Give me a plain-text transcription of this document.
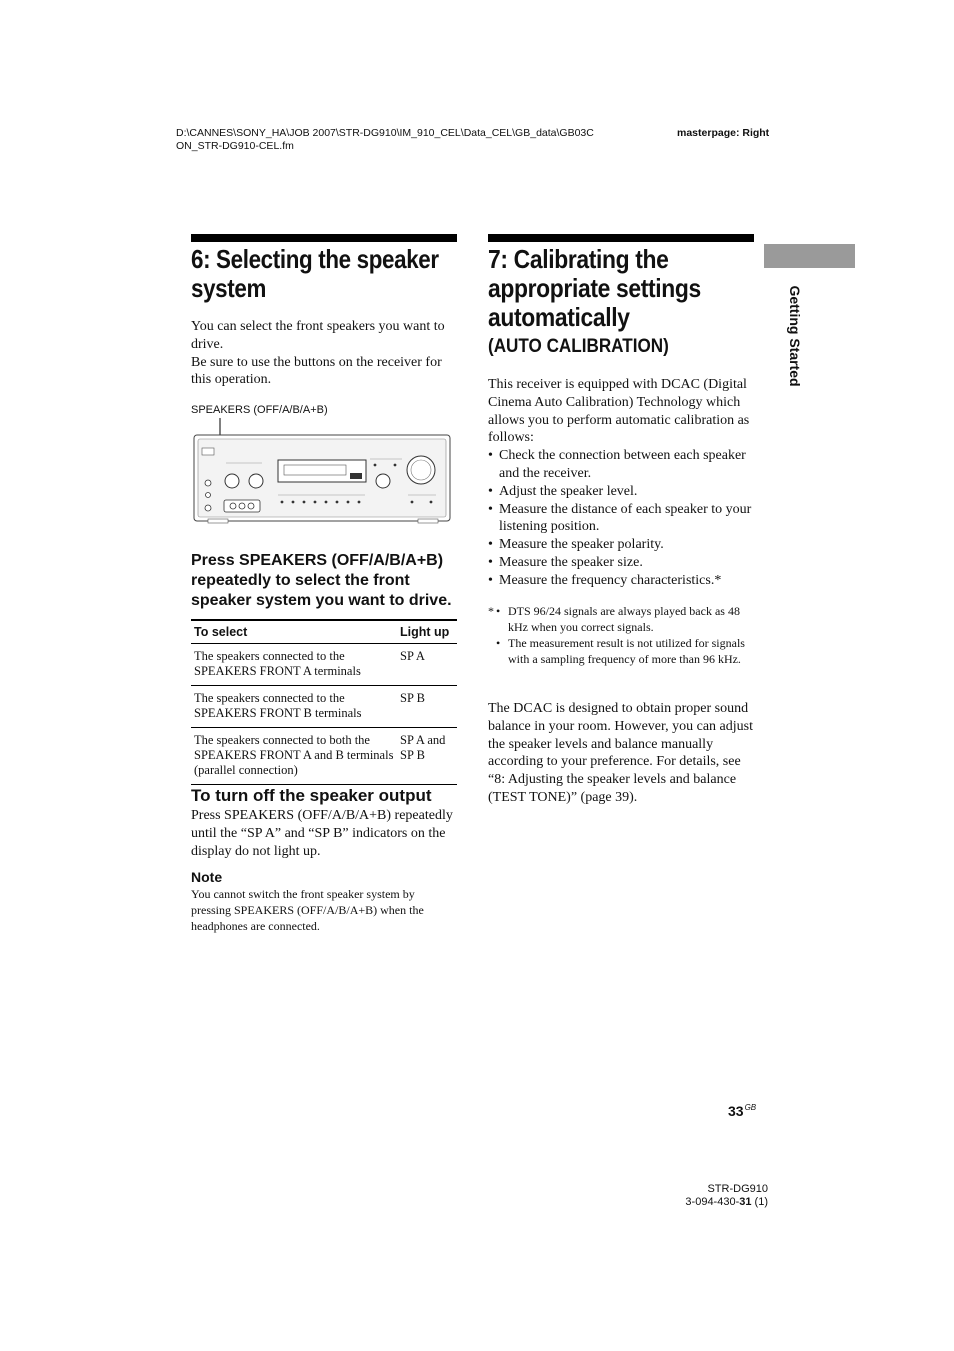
D:\CANNES\SONY_HA\JOB 2007\STR-DG910\IM_910_CEL\Data_CEL\GB_data\GB03CON_STR-DG910-CEL.fm
masterpage: Right
6: Selecting the speaker system

You can select the front speakers you want to drive.

Be sure to use the buttons on the receiver for this operation.

SPEAKERS (OFF/A/B/A+B)
Press SPEAKERS (OFF/A/B/A+B) repeatedly to select the front speaker system you want to drive.
To select	Light up
The speakers connected to the SPEAKERS FRONT A terminals	SP A
The speakers connected to the SPEAKERS FRONT B terminals	SP B
The speakers connected to both the SPEAKERS FRONT A and B terminals (parallel connection)	SP A and SP B
To turn off the speaker output

Press SPEAKERS (OFF/A/B/A+B) repeatedly until the “SP A” and “SP B” indicators on the display do not light up.

Note

You cannot switch the front speaker system by pressing SPEAKERS (OFF/A/B/A+B) when the headphones are connected.

7: Calibrating the appropriate settings automatically
(AUTO CALIBRATION)

This receiver is equipped with DCAC (Digital Cinema Auto Calibration) Technology which allows you to perform automatic calibration as follows:

• Check the connection between each speaker and the receiver.
• Adjust the speaker level.
• Measure the distance of each speaker to your listening position.
• Measure the speaker polarity.
• Measure the speaker size.
• Measure the frequency characteristics.*
* • DTS 96/24 signals are always played back as 48 kHz when you correct signals.
• The measurement result is not utilized for signals with a sampling frequency of more than 96 kHz.

The DCAC is designed to obtain proper sound balance in your room. However, you can adjust the speaker levels and balance manually according to your preference. For details, see “8: Adjusting the speaker levels and balance (TEST TONE)” (page 39).

Getting Started
$33^{GB}$
STR-DG910
3-094-430-31 (1)
